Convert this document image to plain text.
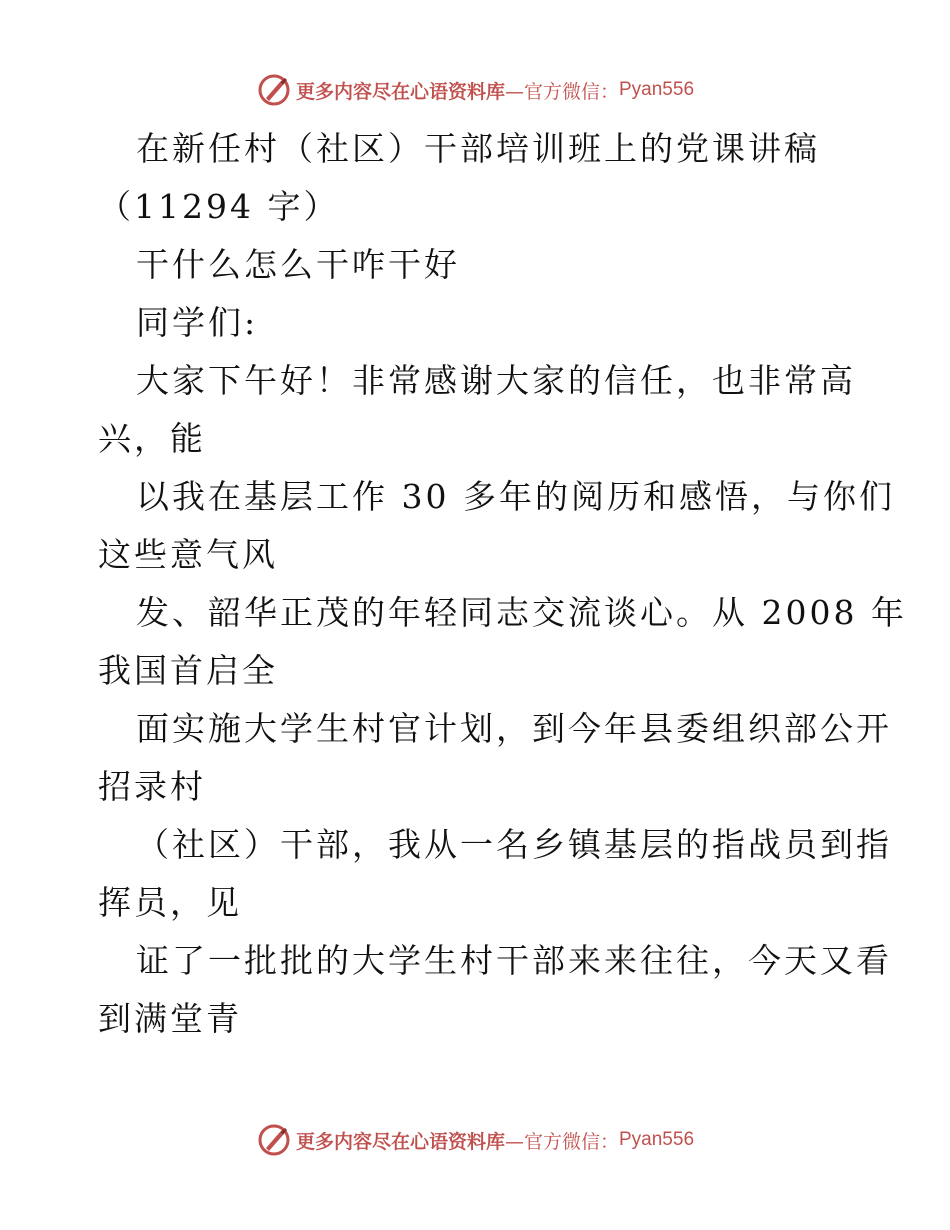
更多内容尽在心语资料库 —官方微信： Pyan556
在新任村（社区）干部培训班上的党课讲稿
（11294 字）
干什么怎么干咋干好
同学们:
大家下午好！非常感谢大家的信任，也非常高
兴，能
以我在基层工作 30 多年的阅历和感悟，与你们
这些意气风
发、韶华正茂的年轻同志交流谈心。从 2008 年
我国首启全
面实施大学生村官计划，到今年县委组织部公开
招录村
（社区）干部，我从一名乡镇基层的指战员到指
挥员，见
证了一批批的大学生村干部来来往往，今天又看
到满堂青
更多内容尽在心语资料库 —官方微信： Pyan556
